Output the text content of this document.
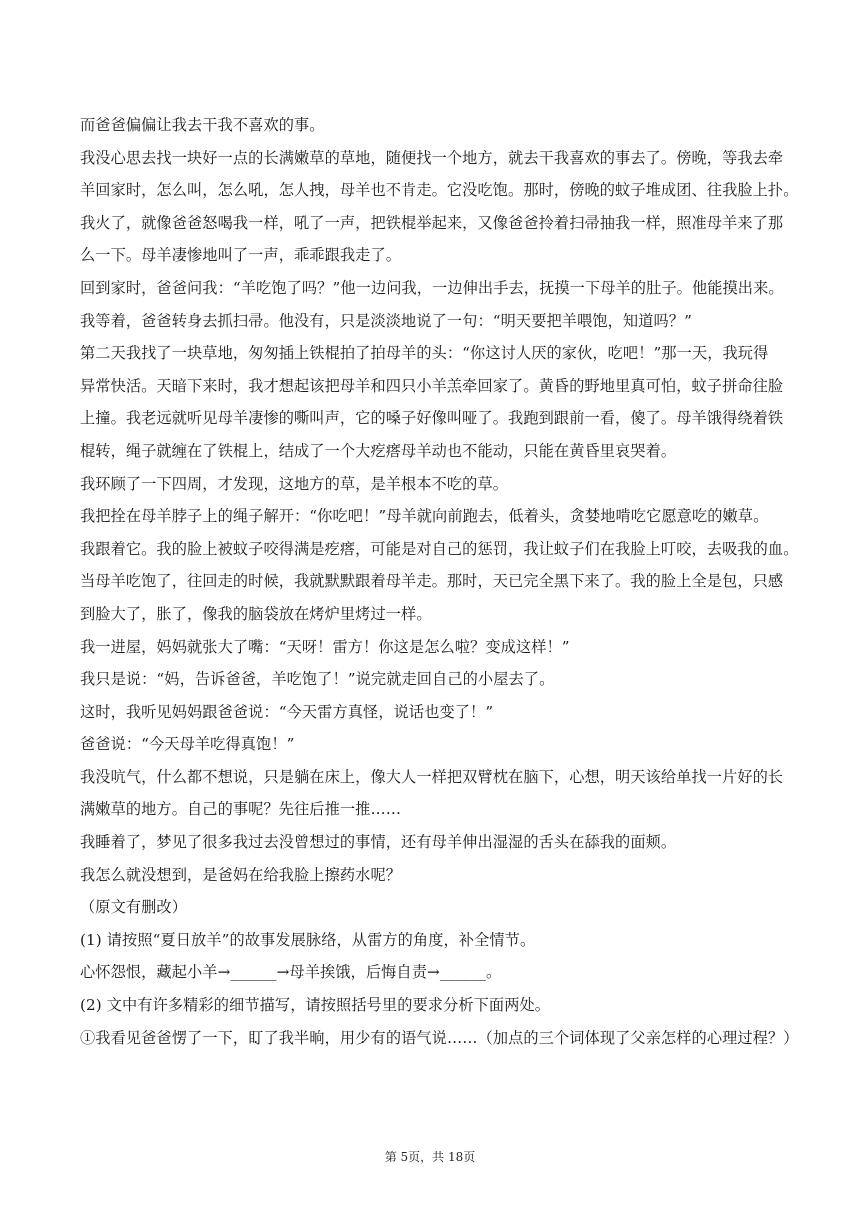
而爸爸偏偏让我去干我不喜欢的事。
我没心思去找一块好一点的长满嫩草的草地，随便找一个地方，就去干我喜欢的事去了。傍晚，等我去牵
羊回家时，怎么叫，怎么吼，怎人拽，母羊也不肯走。它没吃饱。那时，傍晚的蚊子堆成团、往我脸上扑。
我火了，就像爸爸怒喝我一样，吼了一声，把铁棍举起来，又像爸爸拎着扫帚抽我一样，照准母羊来了那
么一下。母羊凄惨地叫了一声，乖乖跟我走了。
回到家时，爸爸问我：“羊吃饱了吗？”他一边问我，一边伸出手去，抚摸一下母羊的肚子。他能摸出来。
我等着，爸爸转身去抓扫帚。他没有，只是淡淡地说了一句：“明天要把羊喂饱，知道吗？”
第二天我找了一块草地，匆匆插上铁棍拍了拍母羊的头：“你这讨人厌的家伙，吃吧！”那一天，我玩得
异常快活。天暗下来时，我才想起该把母羊和四只小羊羔牵回家了。黄昏的野地里真可怕，蚊子拼命往脸
上撞。我老远就听见母羊凄惨的嘶叫声，它的嗓子好像叫哑了。我跑到跟前一看，傻了。母羊饿得绕着铁
棍转，绳子就缠在了铁棍上，结成了一个大疙瘩母羊动也不能动，只能在黄昏里哀哭着。
我环顾了一下四周，才发现，这地方的草，是羊根本不吃的草。
我把拴在母羊脖子上的绳子解开：“你吃吧！”母羊就向前跑去，低着头，贪婪地啃吃它愿意吃的嫩草。
我跟着它。我的脸上被蚊子咬得满是疙瘩，可能是对自己的惩罚，我让蚊子们在我脸上叮咬，去吸我的血。
当母羊吃饱了，往回走的时候，我就默默跟着母羊走。那时，天已完全黑下来了。我的脸上全是包，只感
到脸大了，胀了，像我的脑袋放在烤炉里烤过一样。
我一进屋，妈妈就张大了嘴：“天呀！雷方！你这是怎么啦？变成这样！”
我只是说：“妈，告诉爸爸，羊吃饱了！”说完就走回自己的小屋去了。
这时，我听见妈妈跟爸爸说：“今天雷方真怪，说话也变了！”
爸爸说：“今天母羊吃得真饱！”
我没吭气，什么都不想说，只是躺在床上，像大人一样把双臂枕在脑下，心想，明天该给单找一片好的长
满嫩草的地方。自己的事呢？先往后推一推……
我睡着了，梦见了很多我过去没曾想过的事情，还有母羊伸出湿湿的舌头在舔我的面颊。
我怎么就没想到，是爸妈在给我脸上擦药水呢？
（原文有删改）
(1) 请按照“夏日放羊”的故事发展脉络，从雷方的角度，补全情节。
心怀怨恨，藏起小羊→______→母羊挨饿，后悔自责→______。
(2) 文中有许多精彩的细节描写，请按照括号里的要求分析下面两处。
①我看见爸爸愣 ·了一下，盯 ·了我半晌，用少 ·有 ·的语气说……（加点的三个词体现了父亲怎样的心理过程？）
第 5页，共 18页
